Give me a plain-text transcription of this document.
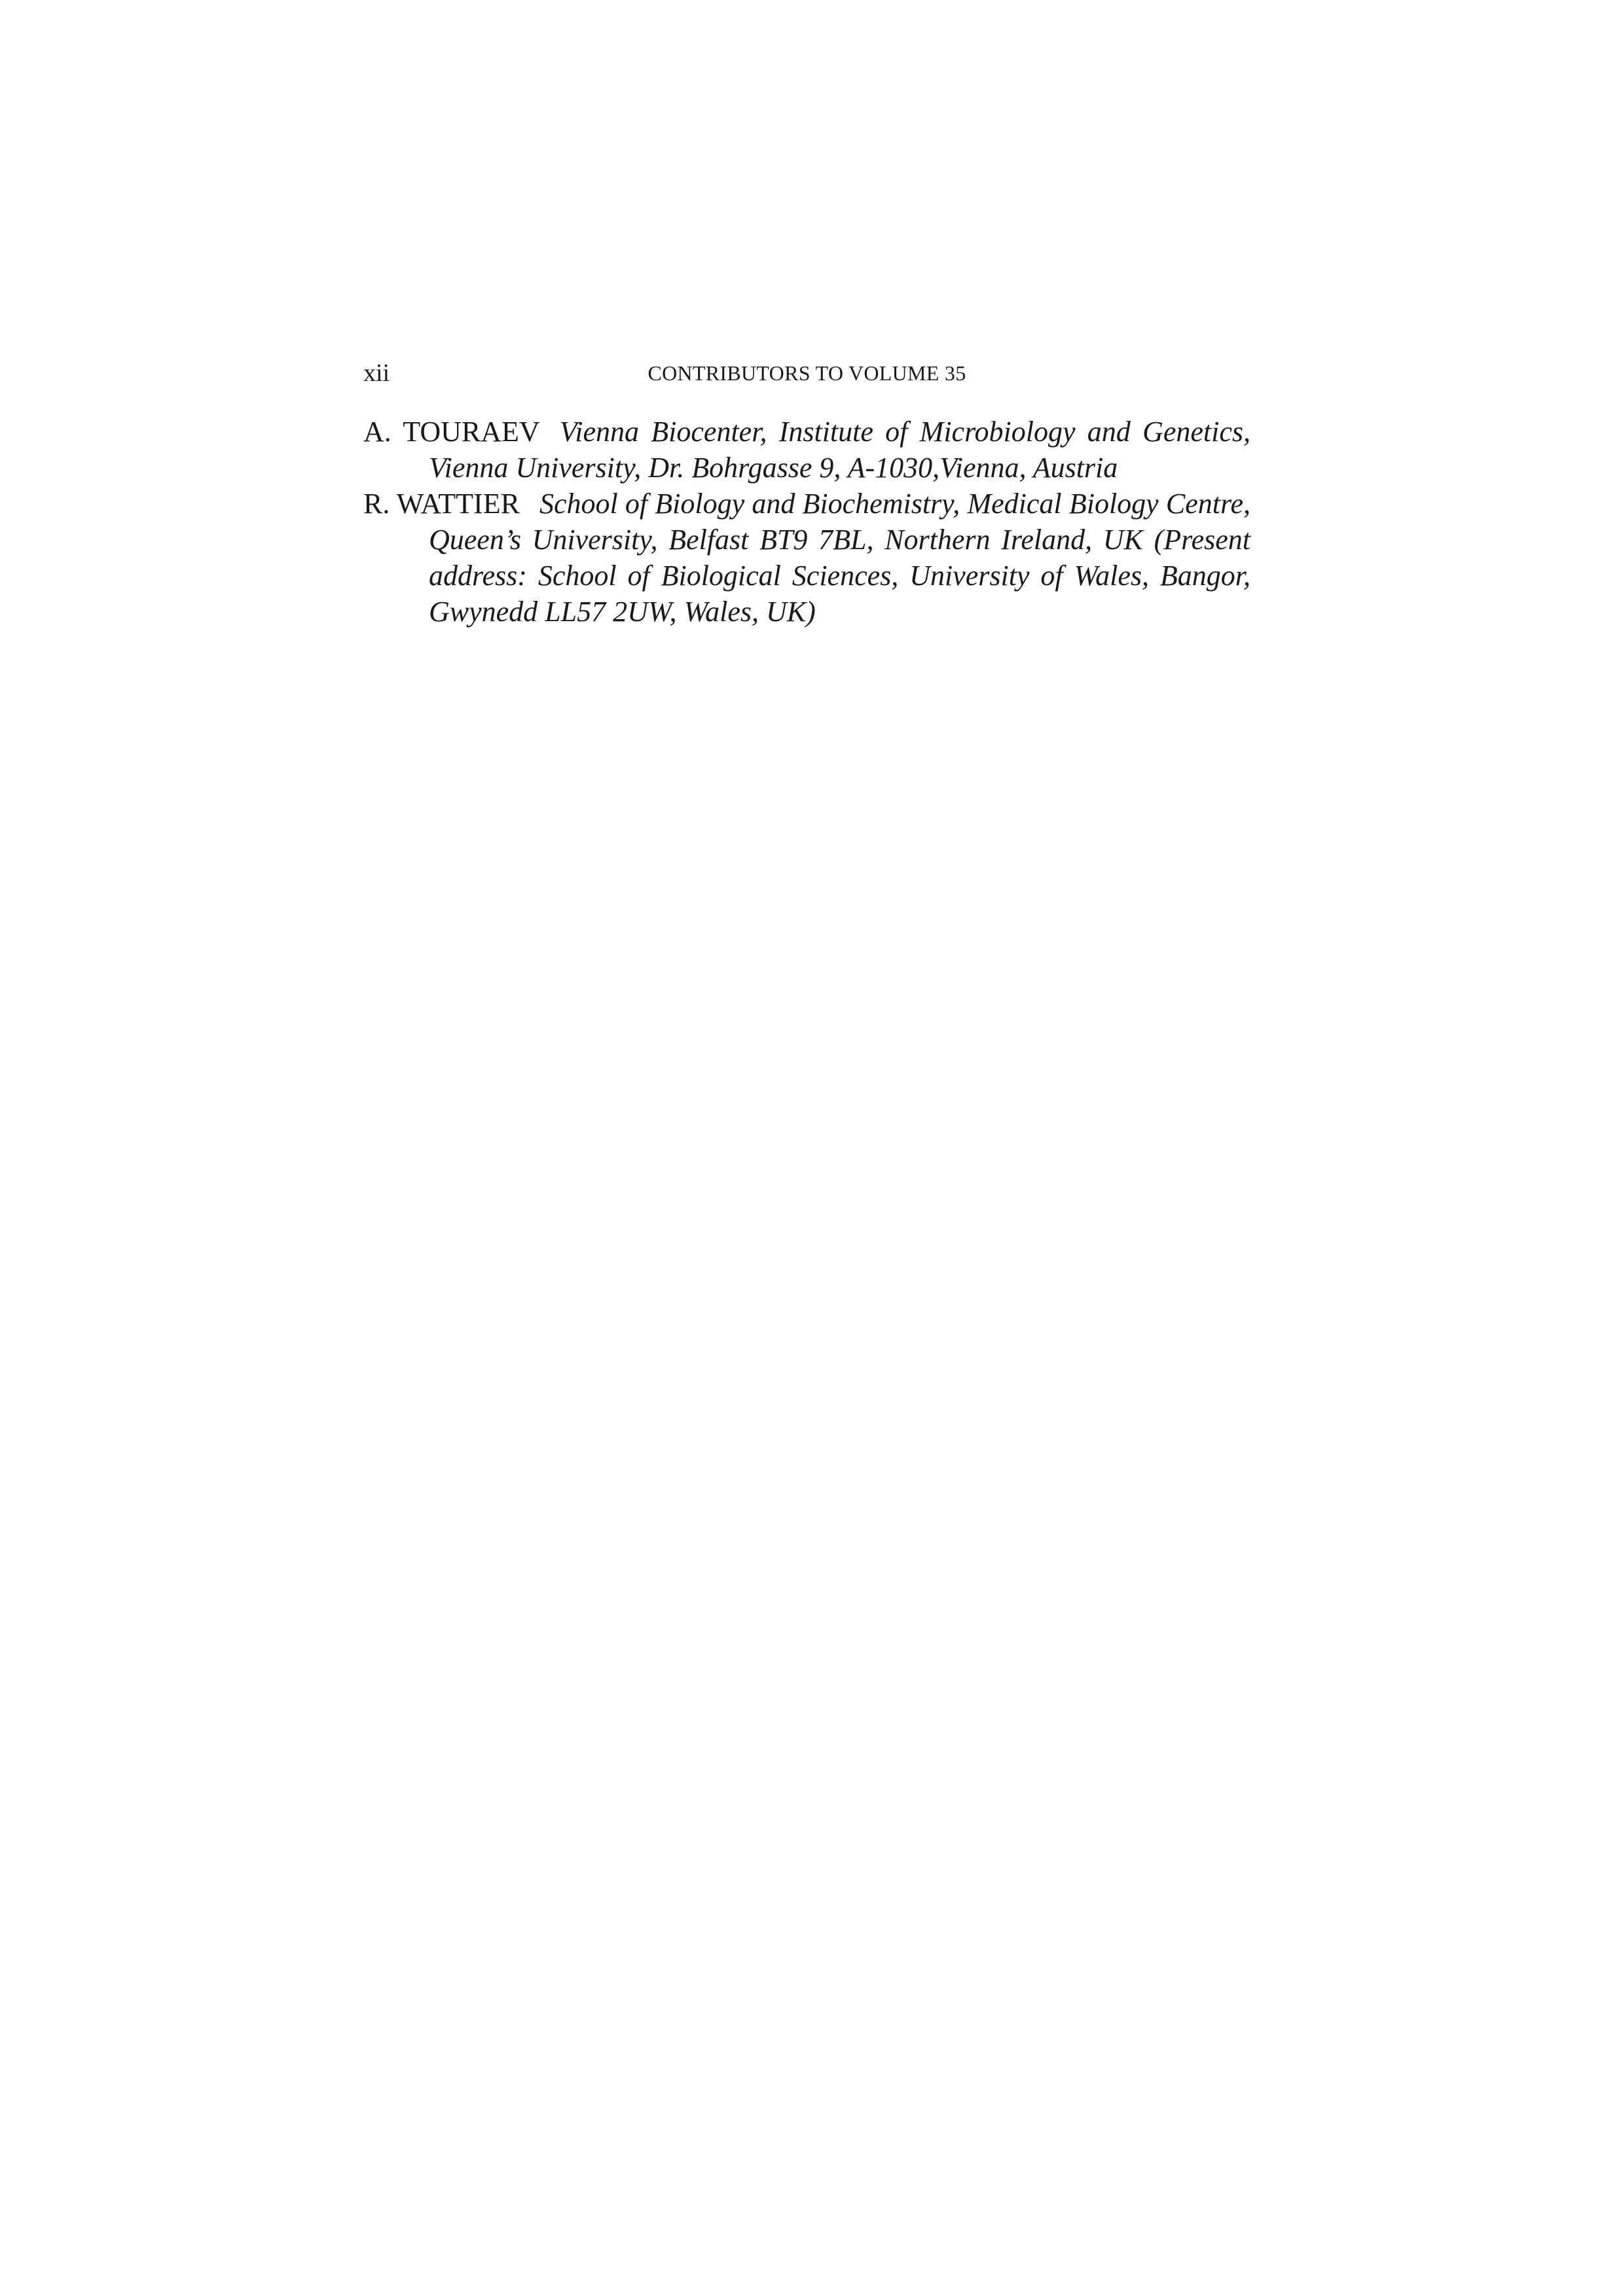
xii	CONTRIBUTORS TO VOLUME 35

A. TOURAEV Vienna Biocenter, Institute of Microbiology and Genetics, Vienna University, Dr. Bohrgasse 9, A-1030,Vienna, Austria

R. WATTIER School of Biology and Biochemistry, Medical Biology Centre, Queen’s University, Belfast BT9 7BL, Northern Ireland, UK (Present address: School of Biological Sciences, University of Wales, Bangor, Gwynedd LL57 2UW, Wales, UK)
